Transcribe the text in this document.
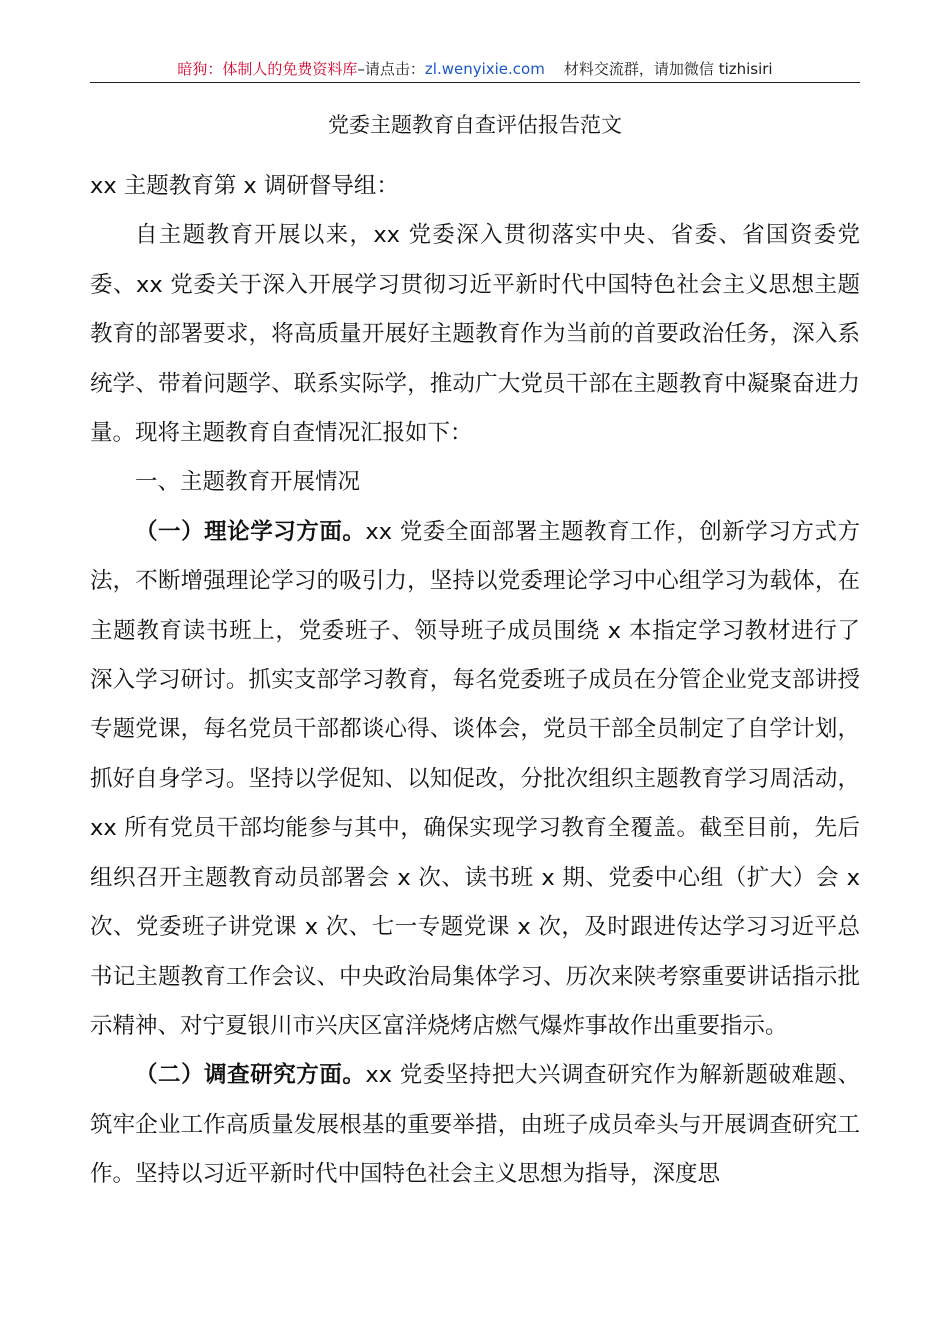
暗狗：体制人的免费资料库–请点击：zl.wenyixie.com 材料交流群，请加微信 tizhisiri
党委主题教育自查评估报告范文

xx 主题教育第 x 调研督导组：

自主题教育开展以来，xx 党委深入贯彻落实中央、省委、省国资委党委、xx 党委关于深入开展学习贯彻习近平新时代中国特色社会主义思想主题教育的部署要求，将高质量开展好主题教育作为当前的首要政治任务，深入系统学、带着问题学、联系实际学，推动广大党员干部在主题教育中凝聚奋进力量。现将主题教育自查情况汇报如下：

一、主题教育开展情况

（一）理论学习方面。xx 党委全面部署主题教育工作，创新学习方式方法，不断增强理论学习的吸引力，坚持以党委理论学习中心组学习为载体，在主题教育读书班上，党委班子、领导班子成员围绕 x 本指定学习教材进行了深入学习研讨。抓实支部学习教育，每名党委班子成员在分管企业党支部讲授专题党课，每名党员干部都谈心得、谈体会，党员干部全员制定了自学计划，抓好自身学习。坚持以学促知、以知促改，分批次组织主题教育学习周活动，xx 所有党员干部均能参与其中，确保实现学习教育全覆盖。截至目前，先后组织召开主题教育动员部署会 x 次、读书班 x 期、党委中心组（扩大）会 x 次、党委班子讲党课 x 次、七一专题党课 x 次，及时跟进传达学习习近平总书记主题教育工作会议、中央政治局集体学习、历次来陕考察重要讲话指示批示精神、对宁夏银川市兴庆区富洋烧烤店燃气爆炸事故作出重要指示。

（二）调查研究方面。xx 党委坚持把大兴调查研究作为解新题破难题、筑牢企业工作高质量发展根基的重要举措，由班子成员牵头与开展调查研究工作。坚持以习近平新时代中国特色社会主义思想为指导，深度思
